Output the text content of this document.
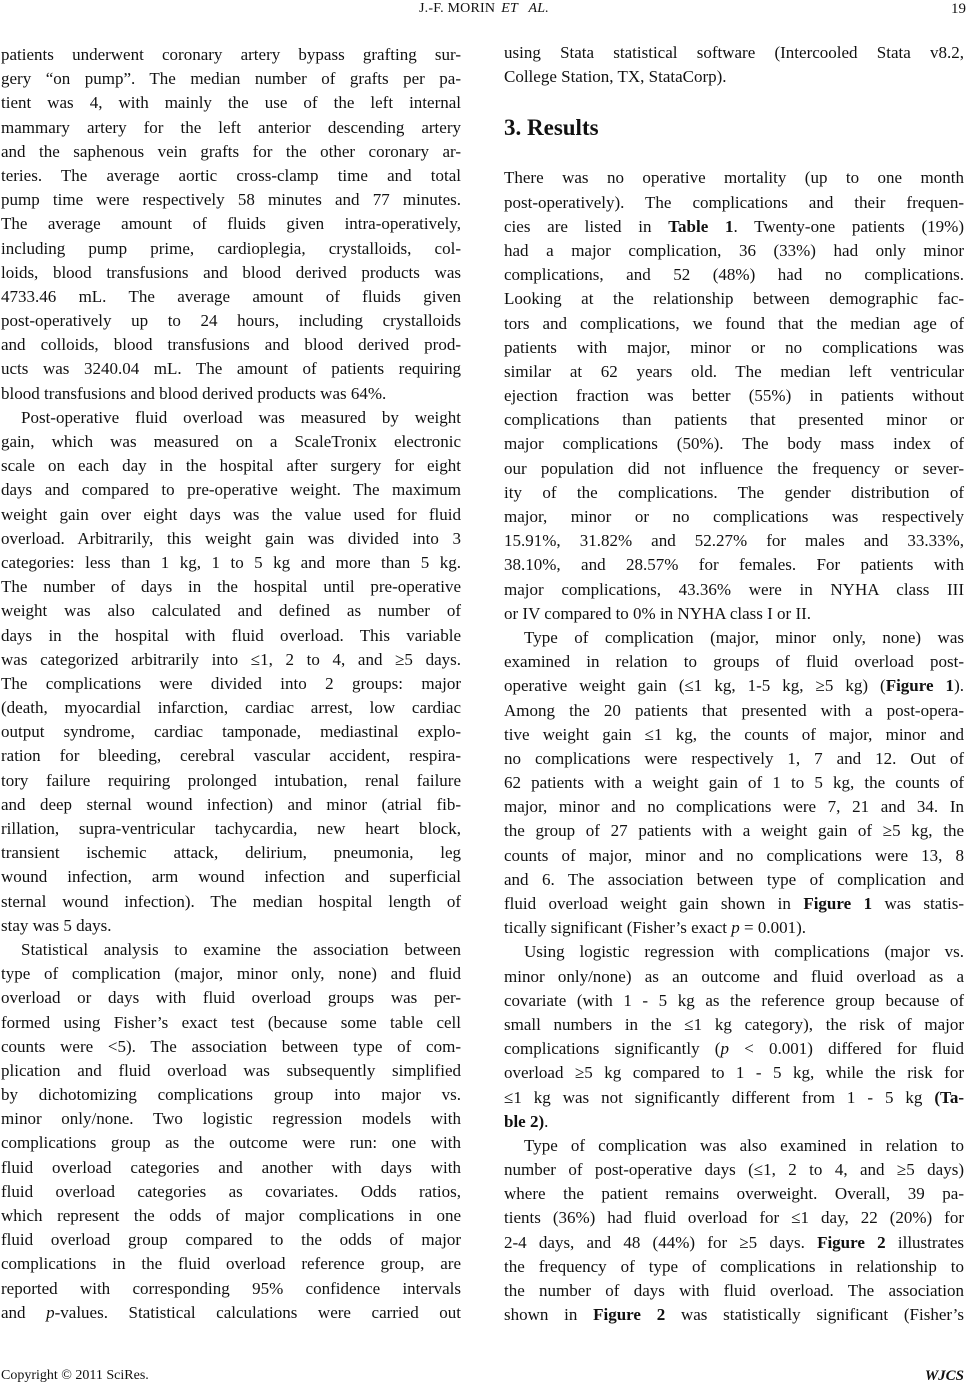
J.-F. MORIN ET   AL.	19
patients underwent coronary artery bypass grafting sur-
gery “on pump”. The median number of grafts per pa-
tient was 4, with mainly the use of the left internal
mammary artery for the left anterior descending artery
and the saphenous vein grafts for the other coronary ar-
teries. The average aortic cross-clamp time and total
pump time were respectively 58 minutes and 77 minutes.
The average amount of fluids given intra-operatively,
including pump prime, cardioplegia, crystalloids, col-
loids, blood transfusions and blood derived products was
4733.46 mL. The average amount of fluids given
post-operatively up to 24 hours, including crystalloids
and colloids, blood transfusions and blood derived prod-
ucts was 3240.04 mL. The amount of patients requiring
blood transfusions and blood derived products was 64%.
Post-operative fluid overload was measured by weight
gain, which was measured on a ScaleTronix electronic
scale on each day in the hospital after surgery for eight
days and compared to pre-operative weight. The maximum
weight gain over eight days was the value used for fluid
overload. Arbitrarily, this weight gain was divided into 3
categories: less than 1 kg, 1 to 5 kg and more than 5 kg.
The number of days in the hospital until pre-operative
weight was also calculated and defined as number of
days in the hospital with fluid overload. This variable
was categorized arbitrarily into ≤1, 2 to 4, and ≥5 days.
The complications were divided into 2 groups: major
(death, myocardial infarction, cardiac arrest, low cardiac
output syndrome, cardiac tamponade, mediastinal explo-
ration for bleeding, cerebral vascular accident, respira-
tory failure requiring prolonged intubation, renal failure
and deep sternal wound infection) and minor (atrial fib-
rillation, supra-ventricular tachycardia, new heart block,
transient ischemic attack, delirium, pneumonia, leg
wound infection, arm wound infection and superficial
sternal wound infection). The median hospital length of
stay was 5 days.
Statistical analysis to examine the association between
type of complication (major, minor only, none) and fluid
overload or days with fluid overload groups was per-
formed using Fisher’s exact test (because some table cell
counts were <5). The association between type of com-
plication and fluid overload was subsequently simplified
by dichotomizing complications group into major vs.
minor only/none. Two logistic regression models with
complications group as the outcome were run: one with
fluid overload categories and another with days with
fluid overload categories as covariates. Odds ratios,
which represent the odds of major complications in one
fluid overload group compared to the odds of major
complications in the fluid overload reference group, are
reported with corresponding 95% confidence intervals
and p-values. Statistical calculations were carried out
using Stata statistical software (Intercooled Stata v8.2,
College Station, TX, StataCorp).
3. Results
There was no operative mortality (up to one month
post-operatively). The complications and their frequen-
cies are listed in Table 1. Twenty-one patients (19%)
had a major complication, 36 (33%) had only minor
complications, and 52 (48%) had no complications.
Looking at the relationship between demographic fac-
tors and complications, we found that the median age of
patients with major, minor or no complications was
similar at 62 years old. The median left ventricular
ejection fraction was better (55%) in patients without
complications than patients that presented minor or
major complications (50%). The body mass index of
our population did not influence the frequency or sever-
ity of the complications. The gender distribution of
major, minor or no complications was respectively
15.91%, 31.82% and 52.27% for males and 33.33%,
38.10%, and 28.57% for females. For patients with
major complications, 43.36% were in NYHA class III
or IV compared to 0% in NYHA class I or II.
Type of complication (major, minor only, none) was
examined in relation to groups of fluid overload post-
operative weight gain (≤1 kg, 1-5 kg, ≥5 kg) (Figure 1).
Among the 20 patients that presented with a post-opera-
tive weight gain ≤1 kg, the counts of major, minor and
no complications were respectively 1, 7 and 12. Out of
62 patients with a weight gain of 1 to 5 kg, the counts of
major, minor and no complications were 7, 21 and 34. In
the group of 27 patients with a weight gain of ≥5 kg, the
counts of major, minor and no complications were 13, 8
and 6. The association between type of complication and
fluid overload weight gain shown in Figure 1 was statis-
tically significant (Fisher’s exact p = 0.001).
Using logistic regression with complications (major vs.
minor only/none) as an outcome and fluid overload as a
covariate (with 1 - 5 kg as the reference group because of
small numbers in the ≤1 kg category), the risk of major
complications significantly (p < 0.001) differed for fluid
overload ≥5 kg compared to 1 - 5 kg, while the risk for
≤1 kg was not significantly different from 1 - 5 kg (Ta-
ble 2).
Type of complication was also examined in relation to
number of post-operative days (≤1, 2 to 4, and ≥5 days)
where the patient remains overweight. Overall, 39 pa-
tients (36%) had fluid overload for ≤1 day, 22 (20%) for
2-4 days, and 48 (44%) for ≥5 days. Figure 2 illustrates
the frequency of type of complications in relationship to
the number of days with fluid overload. The association
shown in Figure 2 was statistically significant (Fisher’s
Copyright © 2011 SciRes.	WJCS
